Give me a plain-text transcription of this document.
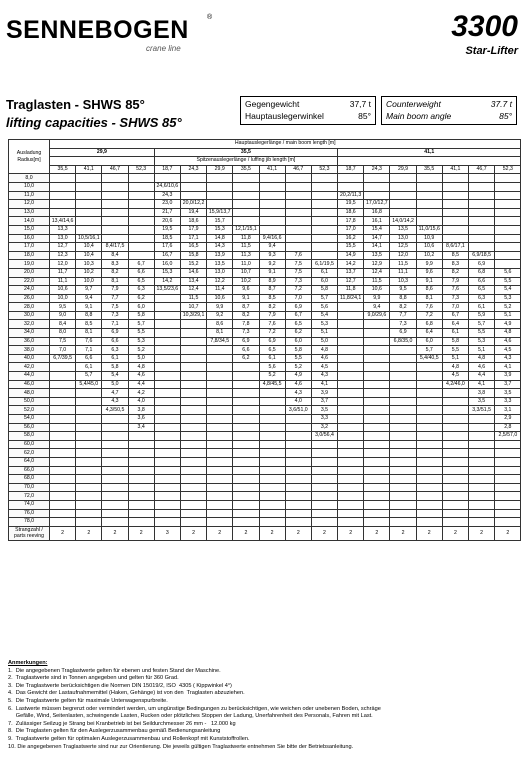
SENNEBOGEN	®
crane line
3300
Star-Lifter
Traglasten - SHWS 85°
lifting capacities - SHWS 85°
Gegengewicht	37,7 t
Hauptauslegerwinkel	85°
Counterweight	37.7 t
Main boom angle	85°
Ausladung Radius[m]	Hauptauslegerlänge / main boom length [m]																	
	29,9				35,5							41,1						
					Spitzenauslegerlänge / luffing jib length [m]													
	35,5	41,1	46,7	52,3	18,7	24,3	29,9	35,5	41,1	46,7	52,3	18,7	24,3	29,9	35,5	41,1	46,7	52,3
8,0																		
10,0					24,6/10,6													
11,0					24,3							20,2/11,3						
12,0					23,0	20,0/12,2						19,5	17,0/12,7					
13,0					21,7	19,4	15,9/13,7					18,6	16,8					
14,0	13,4/14,6				20,6	18,6	15,7					17,8	16,1	14,0/14,2				
15,0	13,3				19,5	17,9	15,3	12,1/15,1				17,0	15,4	13,5	11,0/15,6			
16,0	13,0	10,5/16,1			18,5	17,1	14,8	11,8	9,4/16,6			16,2	14,7	13,0	10,9			
17,0	12,7	10,4	8,4/17,5		17,6	16,5	14,3	11,5	9,4			15,5	14,1	12,5	10,6	8,6/17,1		
18,0	12,3	10,4	8,4		16,7	15,8	13,9	11,3	9,3	7,6		14,9	13,5	12,0	10,2	8,5	6,9/18,5	
19,0	12,0	10,3	8,3	6,7	16,0	15,2	13,5	11,0	9,2	7,5	6,1/19,5	14,2	12,9	11,5	9,9	8,3	6,9	
20,0	11,7	10,2	8,2	6,6	15,3	14,6	13,0	10,7	9,1	7,5	6,1	13,7	12,4	11,1	9,6	8,2	6,8	5,6
22,0	11,1	10,0	8,1	6,5	14,2	13,4	12,2	10,2	8,9	7,3	6,0	12,7	11,5	10,3	9,1	7,9	6,6	5,5
24,0	10,6	9,7	7,9	6,3	13,5/23,6	12,4	11,4	9,6	8,7	7,2	5,8	11,8	10,6	9,5	8,6	7,6	6,5	5,4
26,0	10,0	9,4	7,7	6,2		11,5	10,6	9,1	8,5	7,0	5,7	11,8/24,1	9,9	8,8	8,1	7,3	6,3	5,3
28,0	9,5	9,1	7,5	6,0		10,7	9,9	8,7	8,2	6,9	5,6		9,4	8,2	7,6	7,0	6,1	5,2
30,0	9,0	8,8	7,3	5,8		10,3/29,1	9,2	8,2	7,9	6,7	5,4		9,0/29,6	7,7	7,2	6,7	5,9	5,1
32,0	8,4	8,5	7,1	5,7			8,6	7,8	7,6	6,5	5,3			7,3	6,8	6,4	5,7	4,9
34,0	8,0	8,1	6,9	5,5			8,1	7,3	7,2	6,2	5,1			6,9	6,4	6,1	5,5	4,8
36,0	7,5	7,6	6,6	5,3			7,8/34,5	6,9	6,9	6,0	5,0			6,8/35,0	6,0	5,8	5,3	4,6
38,0	7,0	7,1	6,3	5,2				6,6	6,5	5,8	4,8				5,7	5,5	5,1	4,5
40,0	6,7/39,5	6,6	6,1	5,0				6,2	6,1	5,5	4,6				5,4/40,5	5,1	4,8	4,3
42,0		6,1	5,8	4,8					5,6	5,2	4,5					4,8	4,6	4,1
44,0		5,7	5,4	4,6					5,2	4,9	4,3					4,5	4,4	3,9
46,0		5,4/45,0	5,0	4,4					4,8/45,5	4,6	4,1					4,2/46,0	4,1	3,7
48,0			4,7	4,2						4,3	3,9						3,8	3,5
50,0			4,3	4,0						4,0	3,7						3,5	3,3
52,0			4,3/50,5	3,8						3,6/51,0	3,5						3,3/51,5	3,1
54,0				3,6							3,3							2,9
56,0				3,4							3,2							2,8
58,0											3,0/56,4							2,5/57,0
60,0																		
62,0																		
64,0																		
66,0																		
68,0																		
70,0																		
72,0																		
74,0																		
76,0																		
78,0																		
Strangzahl / parts reeving	2	2	2	2	3	2	2	2	2	2	2	2	2	2	2	2	2	2
Anmerkungen:
1.  Die angegebenen Traglastwerte gelten für ebenen und festen Stand der Maschine.
2.  Traglastwerte sind in Tonnen angegeben und gelten für 360 Grad.
3.  Die Traglastwerte berücksichtigen die Normen DIN 15019/2, ISO  4305 ( Kippwinkel 4°)
4.  Das Gewicht der Lastaufnahmemittel (Haken, Gehänge) ist von den  Traglasten abzuziehen.
5.  Die Traglastwerte gelten für maximale Unterwagenspurbreite.
6.  Lastwerte müssen begrenzt oder vermindert werden, um ungünstige Bedingungen zu berücksichtigen, wie weichen oder unebenen Boden, schräge
Gefälle, Wind, Seitenlasten, schwingende Lasten, Rucken oder plötzliches Stoppen der Ladung, Unerfahrenheit des Personals, Fahren mit Last.
7.  Zulässiger Seilzug je Strang bei Kranbetrieb ist bei Seildurchmesser 26 mm -   12.000 kg
8.  Die Traglasten gelten für den Auslegerzusammenbau gemäß Bedienungsanleitung
9.  Traglastwerte gelten für optimalen Auslegerzusammenbau und Rollenkopf mit Kunststoffrollen.
10. Die angegebenen Traglastwerte sind nur zur Orientierung. Die jeweils gültigen Traglastwerte entnehmen Sie bitte der Betriebsanleitung.
